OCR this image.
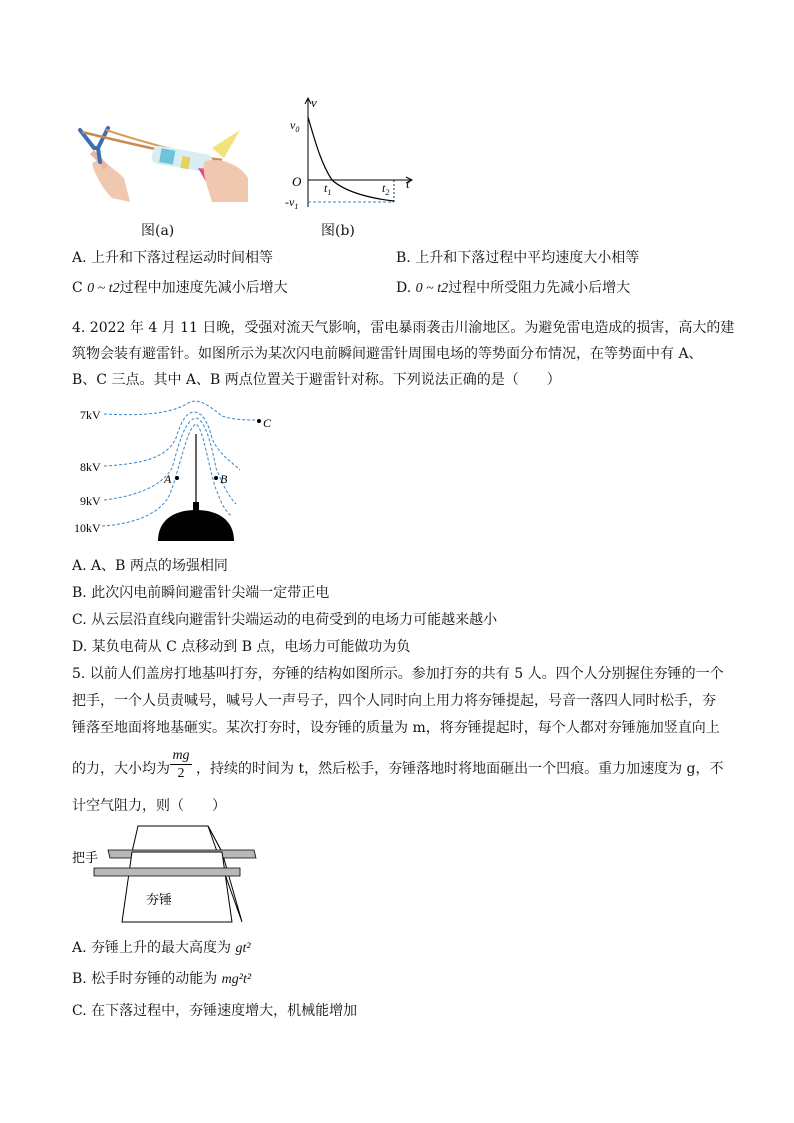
v
$v_0$
O	t
$t_1$	$t_2$
$-v_1$
图(a)	图(b)
A. 上升和下落过程运动时间相等	B. 上升和下落过程中平均速度大小相等
C 0 ~ t2过程中加速度先减小后增大	D. 0 ~ t2过程中所受阻力先减小后增大
4. 2022 年 4 月 11 日晚，受强对流天气影响，雷电暴雨袭击川渝地区。为避免雷电造成的损害，高大的建
筑物会装有避雷针。如图所示为某次闪电前瞬间避雷针周围电场的等势面分布情况，在等势面中有 A、
B、C 三点。其中 A、B 两点位置关于避雷针对称。下列说法正确的是（　　）
7kV
8kV
9kV
10kV
A	B
C
A. A、B 两点的场强相同
B. 此次闪电前瞬间避雷针尖端一定带正电
C. 从云层沿直线向避雷针尖端运动的电荷受到的电场力可能越来越小
D. 某负电荷从 C 点移动到 B 点，电场力可能做功为负
5. 以前人们盖房打地基叫打夯，夯锤的结构如图所示。参加打夯的共有 5 人。四个人分别握住夯锤的一个
把手，一个人员责喊号，喊号人一声号子，四个人同时向上用力将夯锤提起，号音一落四人同时松手，夯
锤落至地面将地基砸实。某次打夯时，设夯锤的质量为 m，将夯锤提起时，每个人都对夯锤施加竖直向上
的力，大小均为
mg
2 ，持续的时间为 t，然后松手，夯锤落地时将地面砸出一个凹痕。重力加速度为 g，不
计空气阻力，则（　　）
把手
夯锤
A. 夯锤上升的最大高度为 gt²
B. 松手时夯锤的动能为 mg²t²
C. 在下落过程中，夯锤速度增大，机械能增加
